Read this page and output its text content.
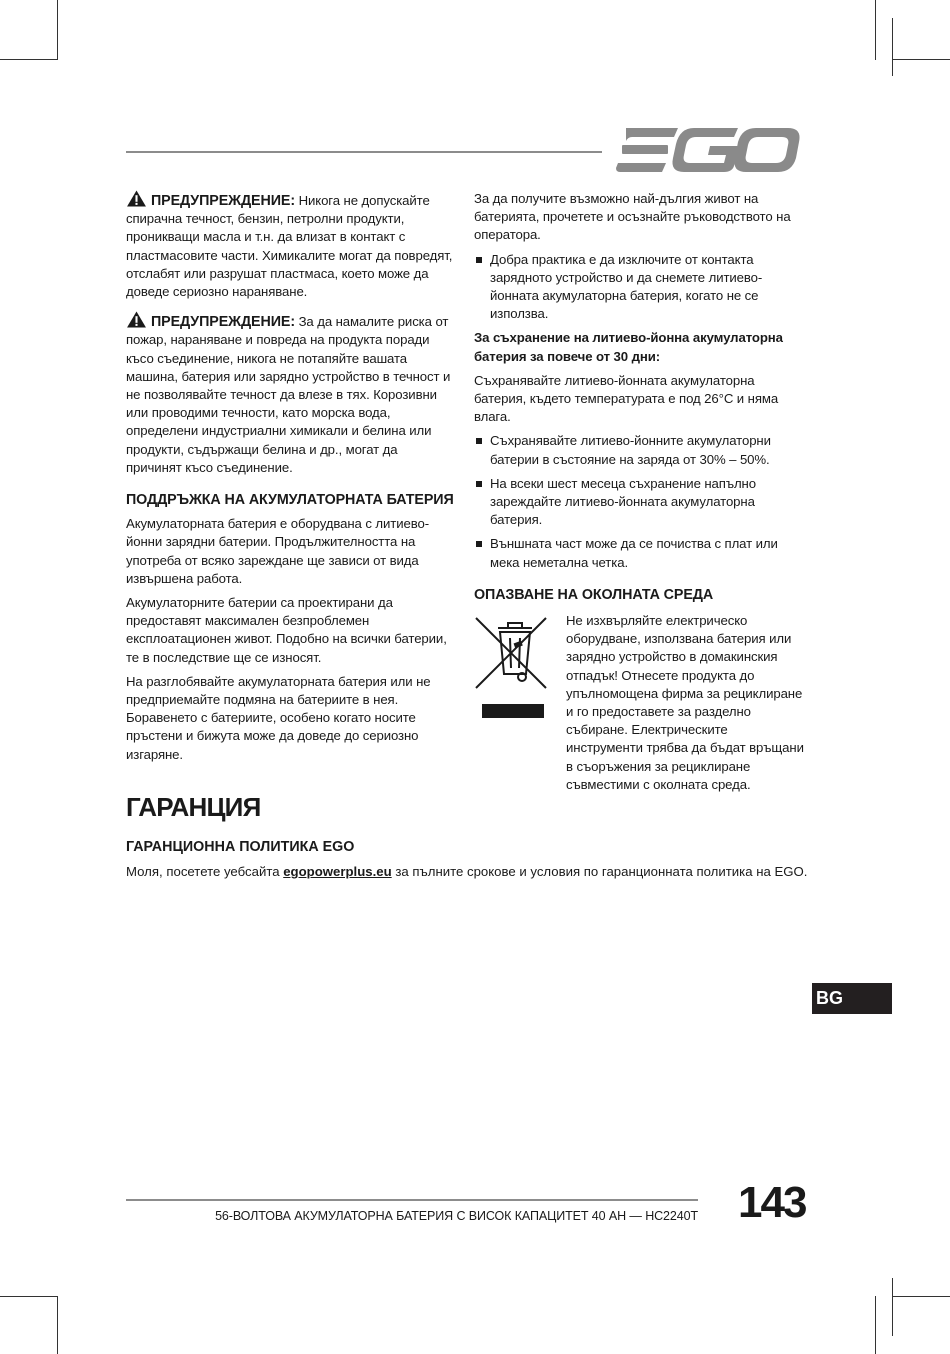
ПРЕДУПРЕЖДЕНИЕ: Никога не допускайте спирачна течност, бензин, петролни продукти, проникващи масла и т.н. да влизат в контакт с пластмасовите части. Химикалите могат да повредят, отслабят или разрушат пластмаса, което може да доведе сериозно нараняване.

ПРЕДУПРЕЖДЕНИЕ: За да намалите риска от пожар, нараняване и повреда на продукта поради късо съединение, никога не потапяйте вашата машина, батерия или зарядно устройство в течност и не позволявайте течност да влезе в тях. Корозивни или проводими течности, като морска вода, определени индустриални химикали и белина или продукти, съдържащи белина и др., могат да причинят късо съединение.

ПОДДРЪЖКА НА АКУМУЛАТОРНАТА БАТЕРИЯ

Акумулаторната батерия е оборудвана с литиево-йонни зарядни батерии. Продължителността на употреба от всяко зареждане ще зависи от вида извършена работа.

Акумулаторните батерии са проектирани да предоставят максимален безпроблемен експлоатационен живот. Подобно на всички батерии, те в последствие ще се износят.

На разглобявайте акумулаторната батерия или не предприемайте подмяна на батериите в нея. Боравенето с батериите, особено когато носите пръстени и бижута може да доведе до сериозно изгаряне.

За да получите възможно най-дългия живот на батерията, прочетете и осъзнайте ръководството на оператора.

Добра практика е да изключите от контакта зарядното устройство и да снемете литиево-йонната акумулаторна батерия, когато не се използва.

За съхранение на литиево-йонна акумулаторна батерия за повече от 30 дни:

Съхранявайте литиево-йонната акумулаторна батерия, където температурата е под 26°C и няма влага.

Съхранявайте литиево-йонните акумулаторни батерии в състояние на заряда от 30% – 50%.
На всеки шест месеца съхранение напълно зареждайте литиево-йонната акумулаторна батерия.
Външната част може да се почиства с плат или мека неметална четка.
ОПАЗВАНЕ НА ОКОЛНАТА СРЕДА
Не изхвърляйте електрическо оборудване, използвана батерия или зарядно устройство в домакинския отпадък! Отнесете продукта до упълномощена фирма за рециклиране и го предоставете за разделно събиране. Електрическите инструменти трябва да бъдат връщани в съоръжения за рециклиране съвместими с околната среда.
ГАРАНЦИЯ
ГАРАНЦИОННА ПОЛИТИКА EGO

Моля, посетете уебсайта egopowerplus.eu за пълните срокове и условия по гаранционната политика на EGO.

BG
56-ВОЛТОВА АКУМУЛАТОРНА БАТЕРИЯ С ВИСОК КАПАЦИТЕТ 40 АН — HC2240T 143
